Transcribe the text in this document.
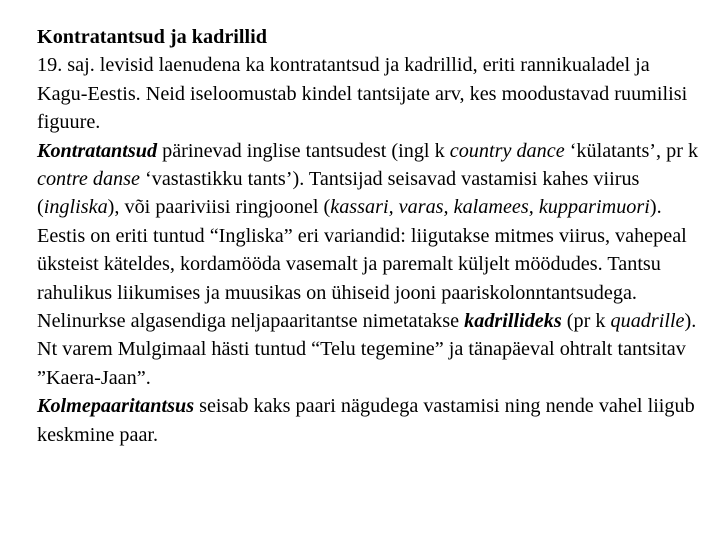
Kontratantsud ja kadrillid

19. saj. levisid laenudena ka kontratantsud ja kadrillid, eriti rannikualadel ja Kagu-Eestis. Neid iseloomustab kindel tantsijate arv, kes moodustavad ruumilisi figuure.

Kontratantsud pärinevad inglise tantsudest (ingl k country dance ‘külatants’, pr k contre danse ‘vastastikku tants’). Tantsijad seisavad vastamisi kahes viirus (ingliska), või paariviisi ringjoonel (kassari, varas, kalamees, kupparimuori). Eestis on eriti tuntud “Ingliska” eri variandid: liigutakse mitmes viirus, vahepeal üksteist käteldes, kordamööda vasemalt ja paremalt küljelt möödudes. Tantsu rahulikus liikumises ja muusikas on ühiseid jooni paariskolonntantsudega.

Nelinurkse algasendiga neljapaaritantse nimetatakse kadrillideks (pr k quadrille). Nt varem Mulgimaal hästi tuntud “Telu tegemine” ja tänapäeval ohtralt tantsitav ”Kaera-Jaan”.

Kolmepaaritantsus seisab kaks paari nägudega vastamisi ning nende vahel liigub keskmine paar.
